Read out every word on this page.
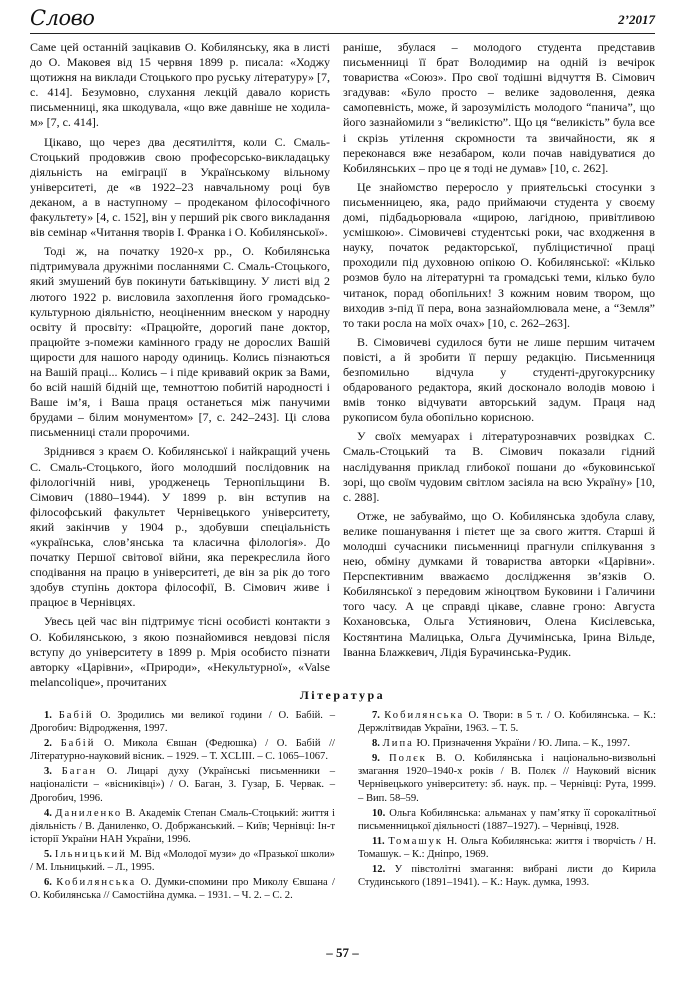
Слово	2’2017

Саме цей останній зацікавив О. Кобилянську, яка в листі до О. Маковея від 15 червня 1899 р. писала: «Ходжу щотижня на виклади Стоцького про руську літературу» [7, с. 414]. Безумовно, слухання лекцій давало користь письменниці, яка шкодувала, «що вже давніше не ходила-м» [7, с. 414].

Цікаво, що через два десятиліття, коли С. Смаль-Стоцький продовжив свою професорсько-викладацьку діяльність на еміграції в Українському вільному університеті, де «в 1922–23 навчальному році був деканом, а в наступному – продеканом філософічного факультету» [4, с. 152], він у перший рік свого викладання вів семінар «Читання творів І. Франка і О. Кобилянської».

Тоді ж, на початку 1920-х рр., О. Кобилянська підтримувала дружніми посланнями С. Смаль-Стоцького, який змушений був покинути батьківщину. У листі від 2 лютого 1922 р. висловила захоплення його громадсько-культурною діяльністю, неоціненним внеском у народну освіту й просвіту: «Працюйте, дорогий пане доктор, працюйте з-помежи камінного граду не дорослих Вашій щирости для нашого народу одиниць. Колись пізнаються на Вашій праці... Колись – і піде кривавий окрик за Вами, бо всій нашій бідній ще, темноттою побитій народності і Ваше ім’я, і Ваша праця останеться між панучими брудами – білим монументом» [7, с. 242–243]. Ці слова письменниці стали пророчими.

Зріднився з краєм О. Кобилянської і найкращий учень С. Смаль-Стоцького, його молодший послідовник на філологічній ниві, уродженець Тернопільщини В. Сімович (1880–1944). У 1899 р. він вступив на філософський факультет Чернівецького університету, який закінчив у 1904 р., здобувши спеціальність «українська, слов’янська та класична філологія». До початку Першої світової війни, яка перекреслила його сподівання на працю в університеті, де він за рік до того здобув ступінь доктора філософії, В. Сімович живе і працює в Чернівцях.

Увесь цей час він підтримує тісні особисті контакти з О. Кобилянською, з якою познайомився невдовзі після вступу до університету в 1899 р. Мрія особисто пізнати авторку «Царівни», «Природи», «Некультурної», «Valse melancolique», прочитаних

раніше, збулася – молодого студента представив письменниці її брат Володимир на одній із вечірок товариства «Союз». Про свої тодішні відчуття В. Сімович згадував: «Було просто – велике задоволення, деяка самопевність, може, й зарозумілість молодого “панича”, що його зазнайомили з “великістю”. Що ця “великість” була все і скрізь утілення скромности та звичайности, як я переконався вже незабаром, коли почав навідуватися до Кобилянських – про це я тоді не думав» [10, с. 262].

Це знайомство переросло у приятельські стосунки з письменницею, яка, радо приймаючи студента у своєму домі, підбадьорювала «щирою, лагідною, привітливою усмішкою». Сімовичеві студентські роки, час входження в науку, початок редакторської, публіцистичної праці проходили під духовною опікою О. Кобилянської: «Кілько розмов було на літературні та громадські теми, кілько було читанок, порад обопільних! З кожним новим твором, що виходив з-під її пера, вона зазнайомлювала мене, а “Земля” то таки росла на моїх очах» [10, с. 262–263].

В. Сімовичеві судилося бути не лише першим читачем повісті, а й зробити її першу редакцію. Письменниця безпомильно відчула у студенті-другокурснику обдарованого редактора, який досконало володів мовою і вмів тонко відчувати авторський задум. Праця над рукописом була обопільно корисною.

У своїх мемуарах і літературознавчих розвідках С. Смаль-Стоцький та В. Сімович показали гідний наслідування приклад глибокої пошани до «буковинської зорі, що своїм чудовим світлом засіяла на всю Україну» [10, с. 288].

Отже, не забуваймо, що О. Кобилянська здобула славу, велике пошанування і пієтет ще за свого життя. Старші й молодші сучасники письменниці прагнули спілкування з нею, обміну думками й товариства авторки «Царівни». Перспективним вважаємо дослідження зв’язків О. Кобилянської з передовим жіноцтвом Буковини і Галичини того часу. А це справді цікаве, славне гроно: Августа Кохановська, Ольга Устиянович, Олена Кисілевська, Костянтина Малицька, Ольга Дучимінська, Ірина Вільде, Іванна Блажкевич, Лідія Бурачинська-Рудик.

Література

1. Бабій О. Зродились ми великої години / О. Бабій. – Дрогобич: Відродження, 1997.

2. Бабій О. Микола Євшан (Федюшка) / О. Бабій // Літературно-науковий вісник. – 1929. – Т. XCLIII. – С. 1065–1067.

3. Баган О. Лицарі духу (Українські письменники – націоналісти – «вісниківці») / О. Баган, З. Гузар, Б. Червак. – Дрогобич, 1996.

4. Даниленко В. Академік Степан Смаль-Стоцький: життя і діяльність / В. Даниленко, О. Добржанський. – Київ; Чернівці: Ін-т історії України НАН України, 1996.

5. Ільницький М. Від «Молодої музи» до «Празької школи» / М. Ільницький. – Л., 1995.

6. Кобилянська О. Думки-спомини про Миколу Євшана / О. Кобилянська // Самостійна думка. – 1931. – Ч. 2. – С. 2.

7. Кобилянська О. Твори: в 5 т. / О. Кобилянська. – К.: Держлітвидав України, 1963. – Т. 5.

8. Липа Ю. Призначення України / Ю. Липа. – К., 1997.

9. Полєк В. О. Кобилянська і національно-визвольні змагання 1920–1940-х років / В. Полєк // Науковий вісник Чернівецького університету: зб. наук. пр. – Чернівці: Рута, 1999. – Вип. 58–59.

10. Ольга Кобилянська: альманах у пам’ятку її сорокалітньої письменницької діяльності (1887–1927). – Чернівці, 1928.

11. Томашук Н. Ольга Кобилянська: життя і творчість / Н. Томашук. – К.: Дніпро, 1969.

12. У півстолітні змагання: вибрані листи до Кирила Студинського (1891–1941). – К.: Наук. думка, 1993.

– 57 –
